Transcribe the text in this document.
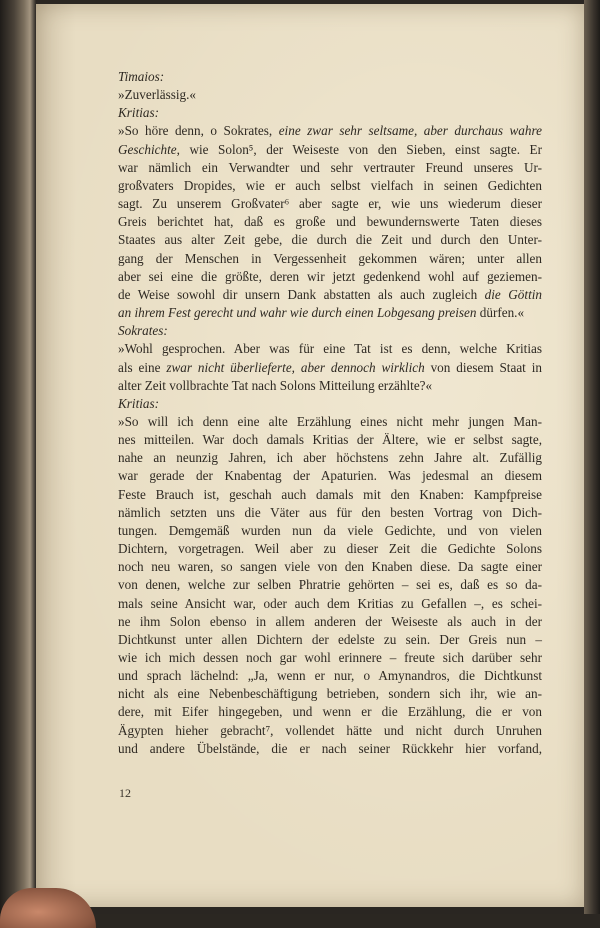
Timaios:
»Zuverlässig.«
Kritias:
»So höre denn, o Sokrates, eine zwar sehr seltsame, aber durchaus wahre
Geschichte, wie Solon⁵, der Weiseste von den Sieben, einst sagte. Er
war nämlich ein Verwandter und sehr vertrauter Freund unseres Ur-
großvaters Dropides, wie er auch selbst vielfach in seinen Gedichten
sagt. Zu unserem Großvater⁶ aber sagte er, wie uns wiederum dieser
Greis berichtet hat, daß es große und bewundernswerte Taten dieses
Staates aus alter Zeit gebe, die durch die Zeit und durch den Unter-
gang der Menschen in Vergessenheit gekommen wären; unter allen
aber sei eine die größte, deren wir jetzt gedenkend wohl auf geziemen-
de Weise sowohl dir unsern Dank abstatten als auch zugleich die Göttin
an ihrem Fest gerecht und wahr wie durch einen Lobgesang preisen dürfen.«
Sokrates:
»Wohl gesprochen. Aber was für eine Tat ist es denn, welche Kritias
als eine zwar nicht überlieferte, aber dennoch wirklich von diesem Staat in
alter Zeit vollbrachte Tat nach Solons Mitteilung erzählte?«
Kritias:
»So will ich denn eine alte Erzählung eines nicht mehr jungen Man-
nes mitteilen. War doch damals Kritias der Ältere, wie er selbst sagte,
nahe an neunzig Jahren, ich aber höchstens zehn Jahre alt. Zufällig
war gerade der Knabentag der Apaturien. Was jedesmal an diesem
Feste Brauch ist, geschah auch damals mit den Knaben: Kampfpreise
nämlich setzten uns die Väter aus für den besten Vortrag von Dich-
tungen. Demgemäß wurden nun da viele Gedichte, und von vielen
Dichtern, vorgetragen. Weil aber zu dieser Zeit die Gedichte Solons
noch neu waren, so sangen viele von den Knaben diese. Da sagte einer
von denen, welche zur selben Phratrie gehörten – sei es, daß es so da-
mals seine Ansicht war, oder auch dem Kritias zu Gefallen –, es schei-
ne ihm Solon ebenso in allem anderen der Weiseste als auch in der
Dichtkunst unter allen Dichtern der edelste zu sein. Der Greis nun –
wie ich mich dessen noch gar wohl erinnere – freute sich darüber sehr
und sprach lächelnd: „Ja, wenn er nur, o Amynandros, die Dichtkunst
nicht als eine Nebenbeschäftigung betrieben, sondern sich ihr, wie an-
dere, mit Eifer hingegeben, und wenn er die Erzählung, die er von
Ägypten hieher gebracht⁷, vollendet hätte und nicht durch Unruhen
und andere Übelstände, die er nach seiner Rückkehr hier vorfand,
12
